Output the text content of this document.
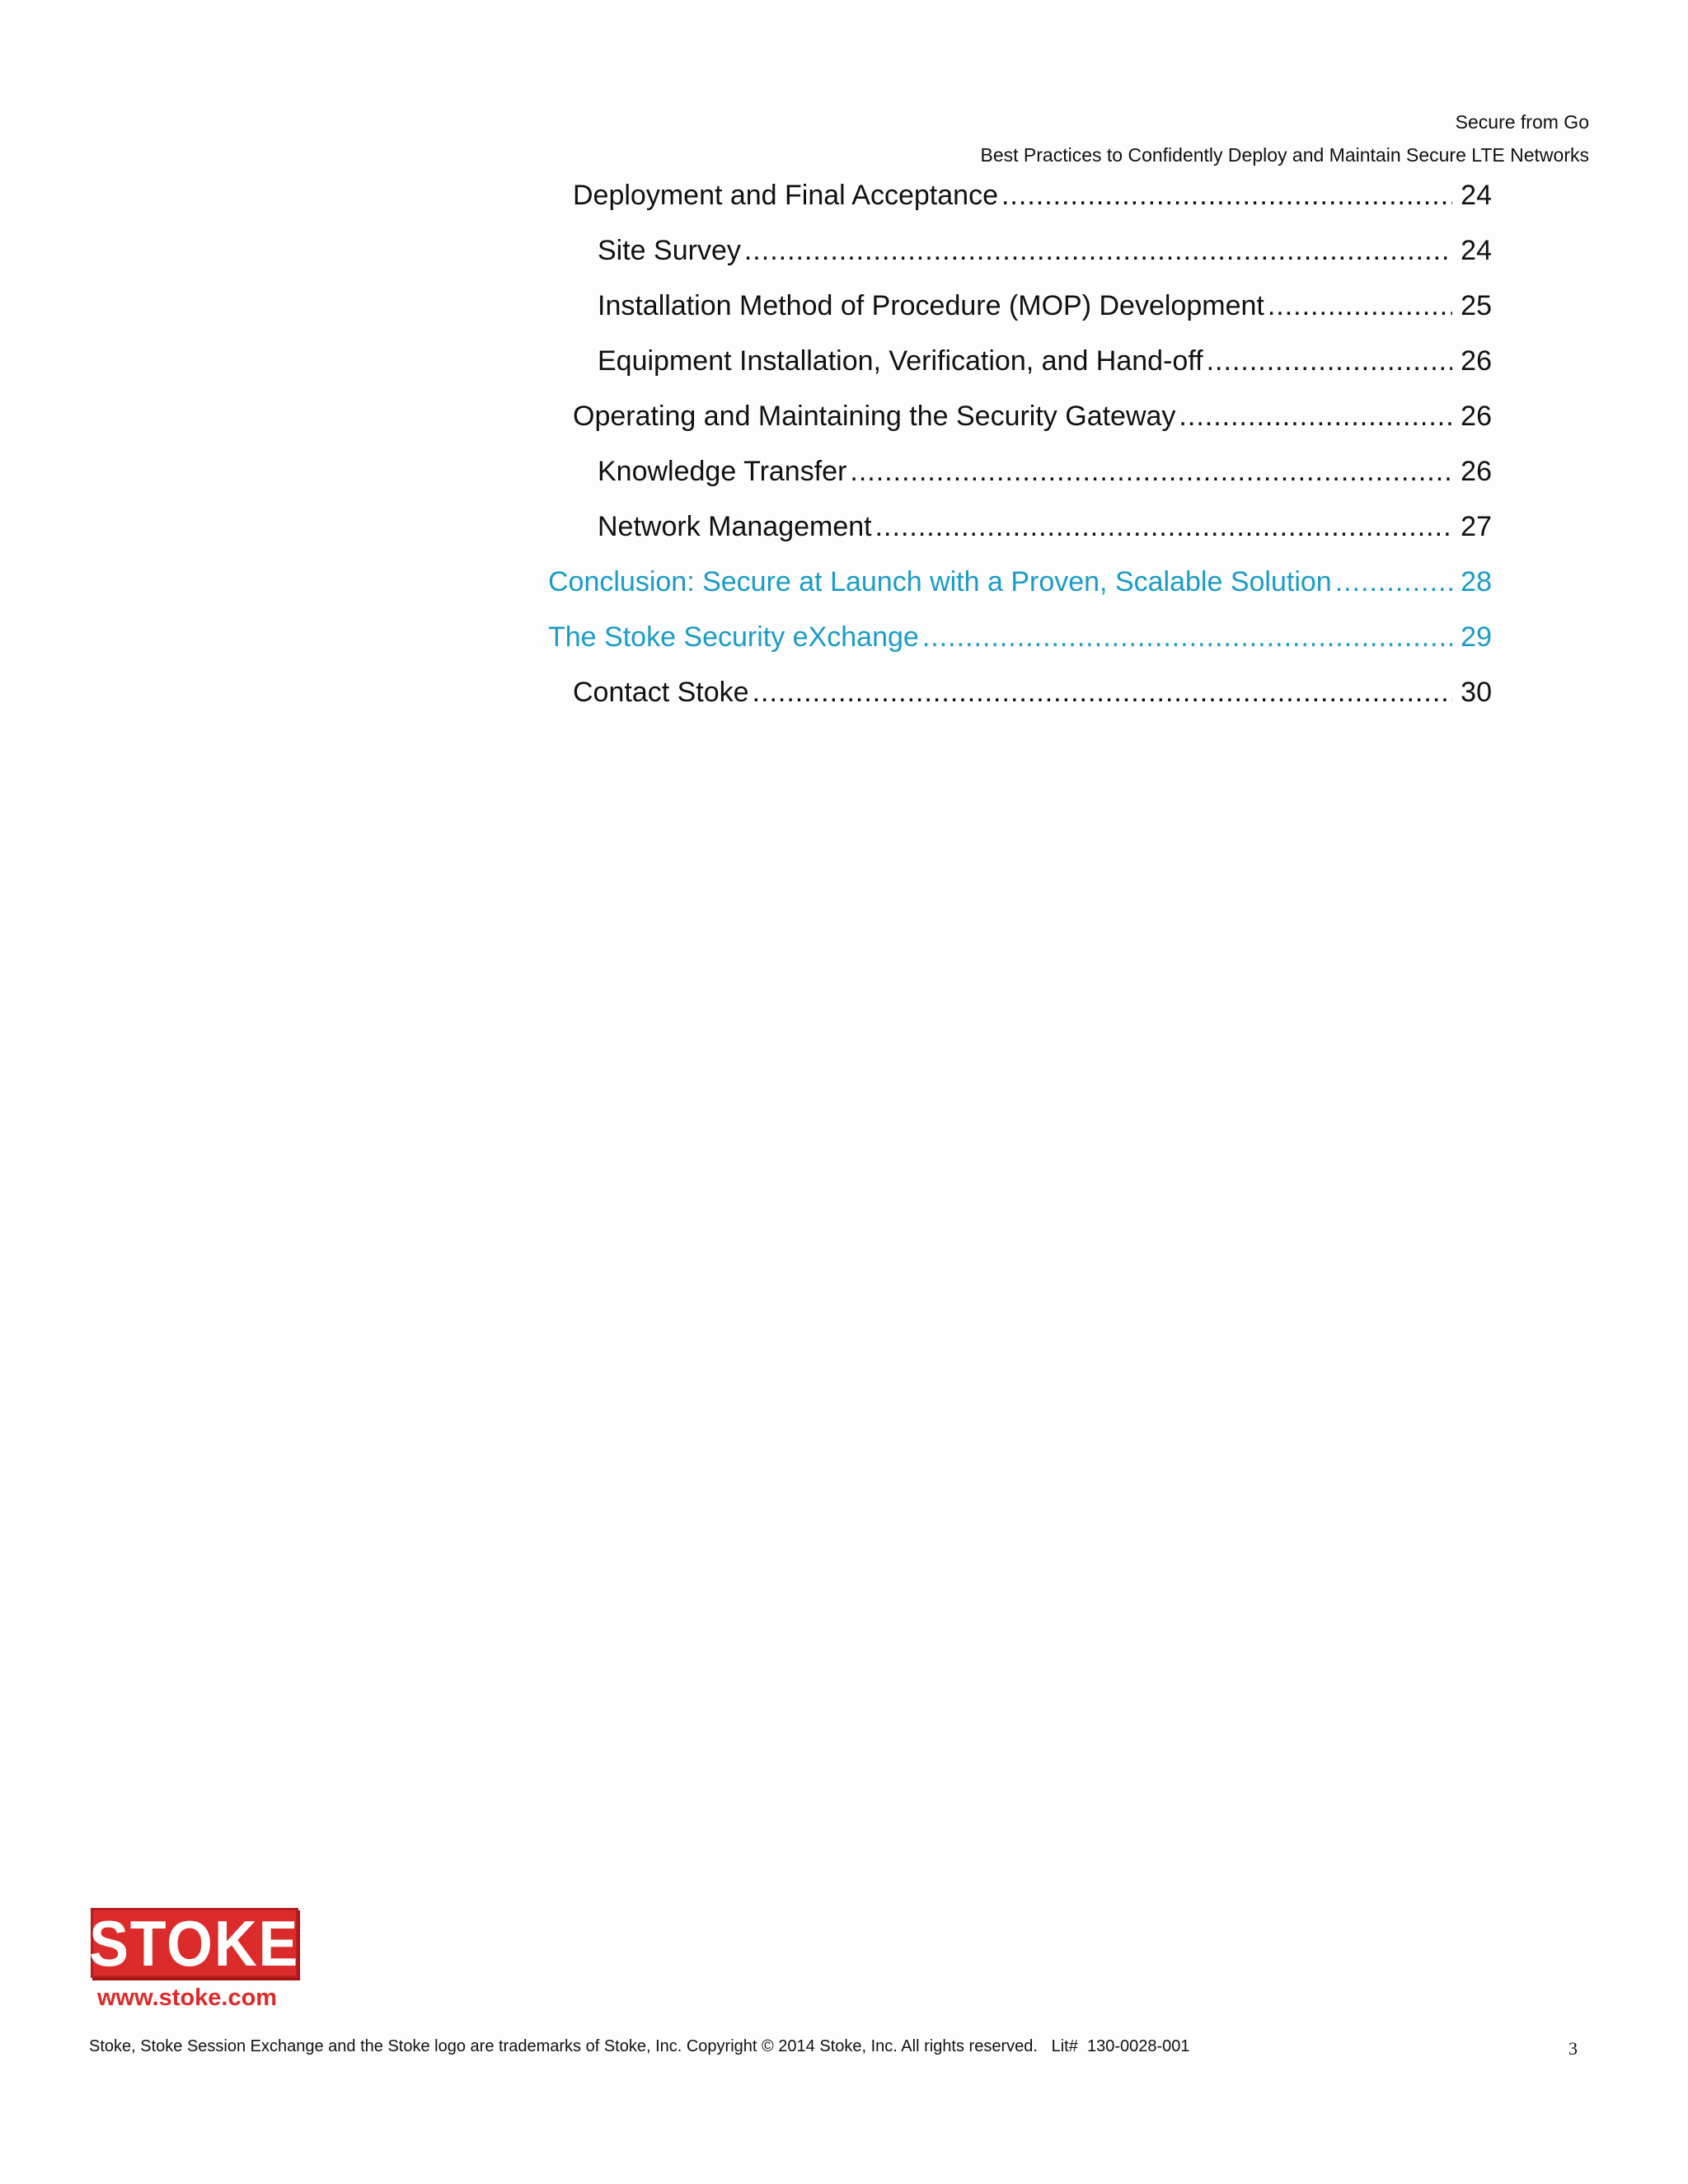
Secure from Go
Best Practices to Confidently Deploy and Maintain Secure LTE Networks
Deployment and Final Acceptance .....	24
Site Survey .....	24
Installation Method of Procedure (MOP) Development .....	25
Equipment Installation, Verification, and Hand-off .....	26
Operating and Maintaining the Security Gateway .....	26
Knowledge Transfer .....	26
Network Management .....	27
Conclusion: Secure at Launch with a Proven, Scalable Solution .....	28
The Stoke Security eXchange .....	29
Contact Stoke .....	30
STOKE
www.stoke.com
Stoke, Stoke Session Exchange and the Stoke logo are trademarks of Stoke, Inc. Copyright © 2014 Stoke, Inc. All rights reserved.   Lit#  130-0028-001	3
